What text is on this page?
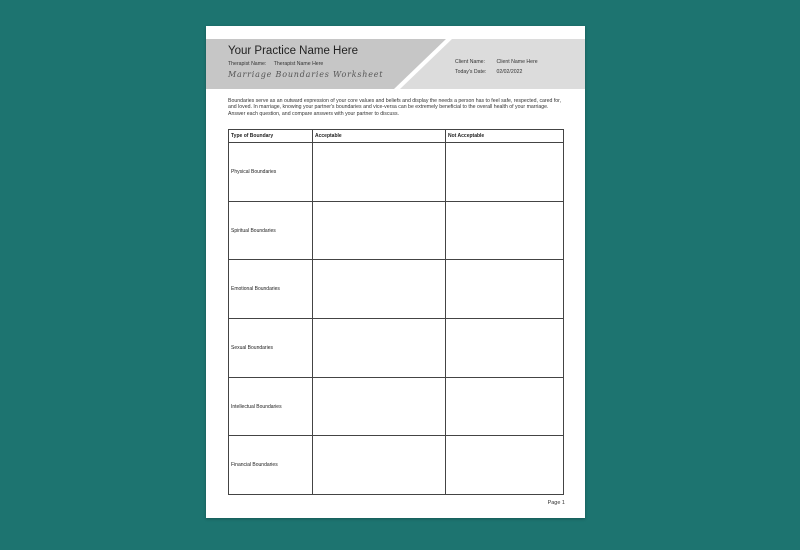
Your Practice Name Here
Therapist Name: Therapist Name Here
Marriage Boundaries Worksheet
Client Name: Client Name Here
Today's Date: 02/02/2022
Boundaries serve as an outward expression of your core values and beliefs and display the needs a person has to feel safe, respected, cared for, and loved. In marriage, knowing your partner's boundaries and vice-versa can be extremely beneficial to the overall health of your marriage. Answer each question, and compare answers with your partner to discuss.
Type of Boundary	Acceptable	Not Acceptable
Physical Boundaries		
Spiritual Boundaries		
Emotional Boundaries		
Sexual Boundaries		
Intellectual Boundaries		
Financial Boundaries		
Page 1
